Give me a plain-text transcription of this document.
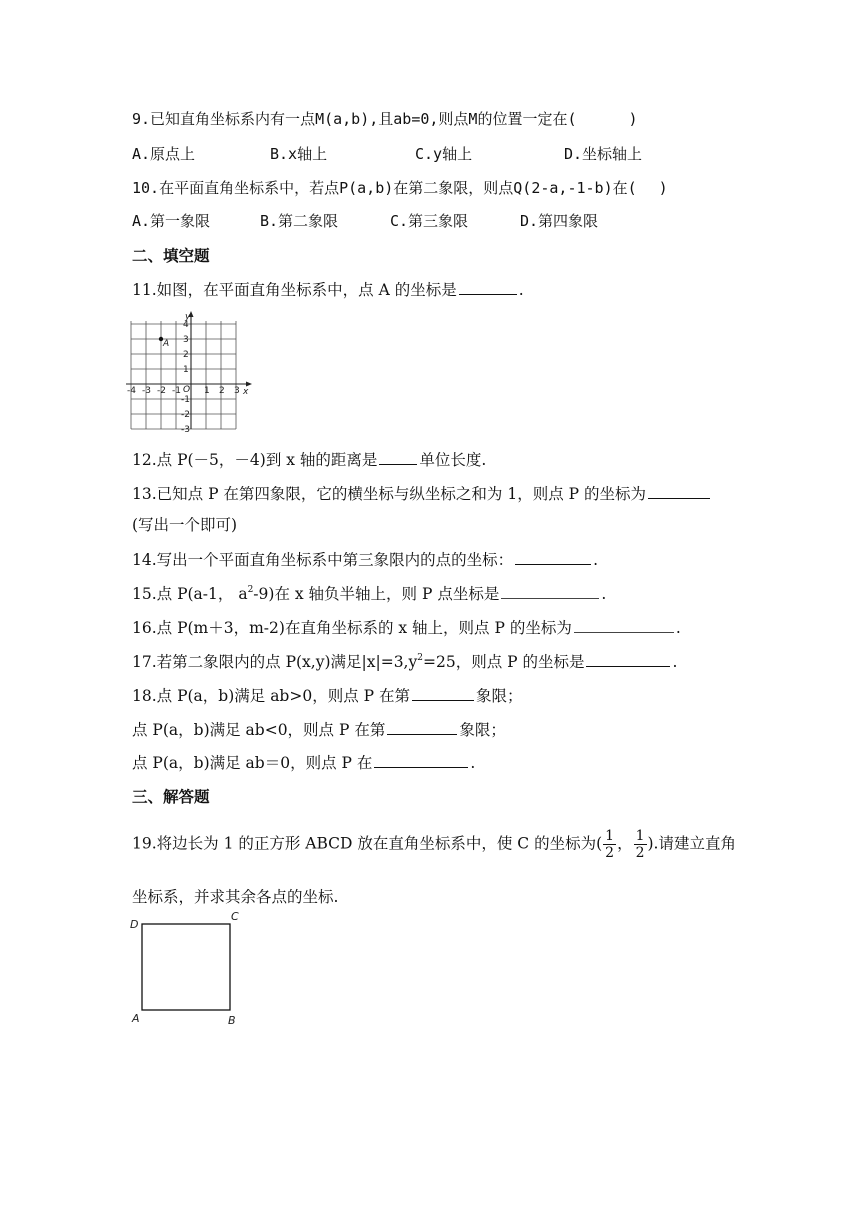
9.已知直角坐标系内有一点M(a,b),且ab=0,则点M的位置一定在(	)
A.原点上	B.x轴上	C.y轴上	D.坐标轴上
10.在平面直角坐标系中，若点P(a,b)在第二象限，则点Q(2-a,-1-b)在( )
A.第一象限	B.第二象限	C.第三象限	D.第四象限
二、填空题
11.如图，在平面直角坐标系中，点 A 的坐标是	.
y
x
O
A
-4 -3 -2 -1	1 2 3
4
3
2
1
-1
-2
-3
12.点 P(－5，－4)到 x 轴的距离是	单位长度.
13.已知点 P 在第四象限，它的横坐标与纵坐标之和为 1，则点 P 的坐标为
(写出一个即可)
14.写出一个平面直角坐标系中第三象限内的点的坐标：	.
15.点 P(a-1， $a^2-9$)在 x 轴负半轴上，则 P 点坐标是	.
16.点 P(m＋3，m-2)在直角坐标系的 x 轴上，则点 P 的坐标为	.
17.若第二象限内的点 P(x,y)满足$|x|=3,y^2=25$，则点 P 的坐标是	.
18.点 P(a，b)满足 ab>0，则点 P 在第	象限；
点 P(a，b)满足 ab<0，则点 P 在第	象限；
点 P(a，b)满足 ab＝0，则点 P 在	.
三、解答题
19.将边长为 1 的正方形 ABCD 放在直角坐标系中，使 C 的坐标为( $\frac{1}{2}$ ， $\frac{1}{2}$ ).请建立直角
坐标系，并求其余各点的坐标.
D
C
A	B
